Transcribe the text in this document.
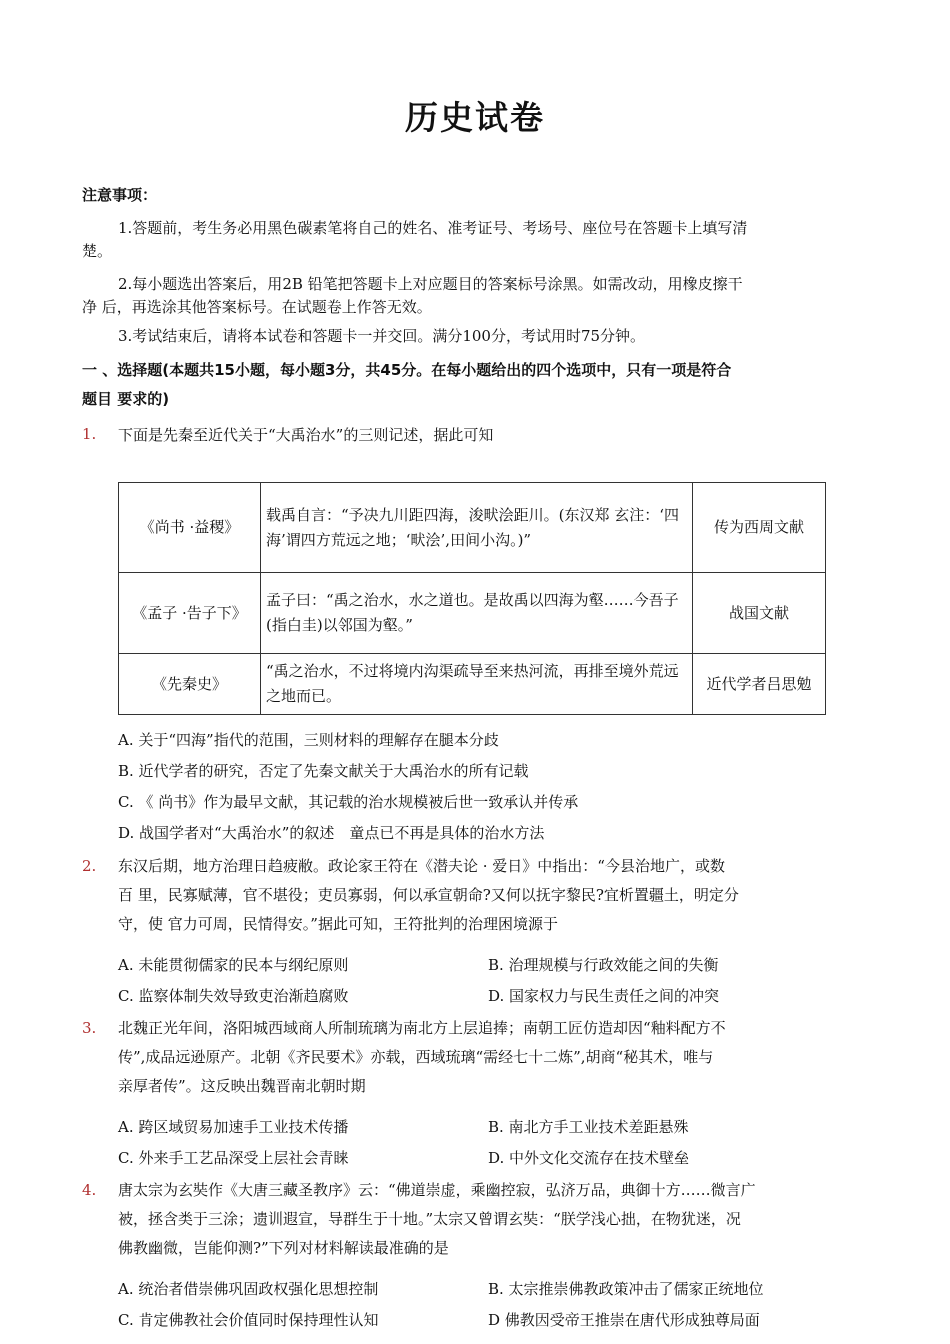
历史试卷
注意事项：
1.答题前，考生务必用黑色碳素笔将自己的姓名、准考证号、考场号、座位号在答题卡上填写清
楚。
2.每小题选出答案后，用2B 铅笔把答题卡上对应题目的答案标号涂黑。如需改动，用橡皮擦干
净 后，再选涂其他答案标号。在试题卷上作答无效。
3.考试结束后，请将本试卷和答题卡一并交回。满分100分，考试用时75分钟。
一 、选择题(本题共15小题，每小题3分，共45分。在每小题给出的四个选项中，只有一项是符合
题目 要求的)
1. 下面是先秦至近代关于“大禹治水”的三则记述，据此可知
《尚书 ·益稷》	载禹自言：“予决九川距四海，浚畎浍距川。(东汉郑 玄注：‘四海’谓四方荒远之地；‘畎浍’,田间小沟。)”	传为西周文献
《孟子 ·告子下》	孟子曰：“禹之治水，水之道也。是故禹以四海为壑……今吾子(指白圭)以邻国为壑。”	战国文献
《先秦史》	“禹之治水，不过将境内沟渠疏导至来热河流，再排至境外荒远之地而已。	近代学者吕思勉
A. 关于“四海”指代的范围，三则材料的理解存在腿本分歧
B. 近代学者的研究，否定了先秦文献关于大禹治水的所有记载
C. 《 尚书》作为最早文献，其记载的治水规模被后世一致承认并传承
D. 战国学者对“大禹治水”的叙述　童点已不再是具体的治水方法
2. 东汉后期，地方治理日趋疲敝。政论家王符在《潜夫论 · 爱日》中指出：“今县治地广，或数
百 里，民寡赋薄，官不堪役；吏员寡弱，何以承宣朝命?又何以抚字黎民?宜析置疆土，明定分
守，使 官力可周，民情得安。”据此可知，王符批判的治理困境源于
A. 未能贯彻儒家的民本与纲纪原则	B. 治理规模与行政效能之间的失衡
C. 监察体制失效导致吏治渐趋腐败	D. 国家权力与民生责任之间的冲突
3. 北魏正光年间，洛阳城西域商人所制琉璃为南北方上层追捧；南朝工匠仿造却因“釉料配方不
传”,成品远逊原产。北朝《齐民要术》亦载，西域琉璃“需经七十二炼”,胡商“秘其术，唯与
亲厚者传”。这反映出魏晋南北朝时期
A. 跨区域贸易加速手工业技术传播	B. 南北方手工业技术差距悬殊
C. 外来手工艺品深受上层社会青睐	D. 中外文化交流存在技术壁垒
4. 唐太宗为玄奘作《大唐三藏圣教序》云：“佛道崇虚，乘幽控寂，弘济万品，典御十方……微言广
被，拯含类于三涂；遗训遐宣，导群生于十地。”太宗又曾谓玄奘：“朕学浅心拙，在物犹迷，况
佛教幽微，岂能仰测?”下列对材料解读最准确的是
A. 统治者借崇佛巩固政权强化思想控制	B. 太宗推崇佛教政策冲击了儒家正统地位
C. 肯定佛教社会价值同时保持理性认知	D 佛教因受帝王推崇在唐代形成独尊局面
